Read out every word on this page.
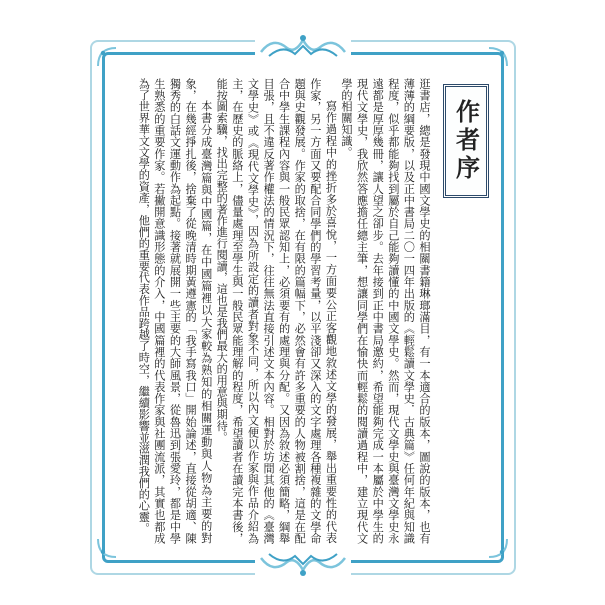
作者序

逛書店，總是發現中國文學史的相關書籍琳瑯滿目，有一本適合的版本，圖說的版本，也有薄薄的綱要版，以及正中書局二〇一四年出版的《輕鬆讀文學史．古典篇》任何年紀與知識程度，似乎都能夠找到屬於自己能夠讀懂的中國文學史。然而，現代文學史與臺灣文學史永遠都是厚厚幾冊，讓人望之卻步。去年接到正中書局邀約，希望能夠完成一本屬於中學生的現代文學史，我欣然答應擔任總主筆，想讓同學們在愉快而輕鬆的閱讀過程中，建立現代文學的相關知識。

寫作過程中的挫折多於喜悅，一方面要公正客觀地敘述文學的發展，舉出重要性的代表作家，另一方面又要配合同學們的學習考量，以平淺卻又深入的文字處理各種複雜的文學命題與史觀發展。作家的取捨，在有限的篇幅下，必然會有許多重要的人物被割捨，這是在配合中學生課程內容與一般民眾認知上，必須要有的處理與分配。又因為敘述必須簡略，綱舉目張，且不違反著作權法的情況下，往往無法直接引述文本內容。相對於坊間其他的《臺灣文學史》或《現代文學史》，因為所設定的讀者對象不同，所以內文便以作家與作品介紹為主，在歷史的脈絡上，儘量處理至學生與一般民眾能理解的程度，希望讀者在讀完本書後，能按圖索驥，找出完整的著作進行閱讀，這也是我們最大的用意與期待。

本書分成臺灣篇與中國篇，在中國篇裡以大家較為熟知的相關運動與人物為主要的對象，在幾經掙扎後，捨棄了從晚清時期黃遵憲的「我手寫我口」開始論述，直接從胡適、陳獨秀的白話文運動作為起點。接著就展開一些主要的大師風景，從魯迅到張愛玲，都是中學生熟悉的重要作家。若撇開意識形態的介入，中國篇裡的代表作家與社團流派，其實也都成為了世界華文文學的資產，他們的重要代表作品跨越了時空，繼續影響並滋潤我們的心靈。
